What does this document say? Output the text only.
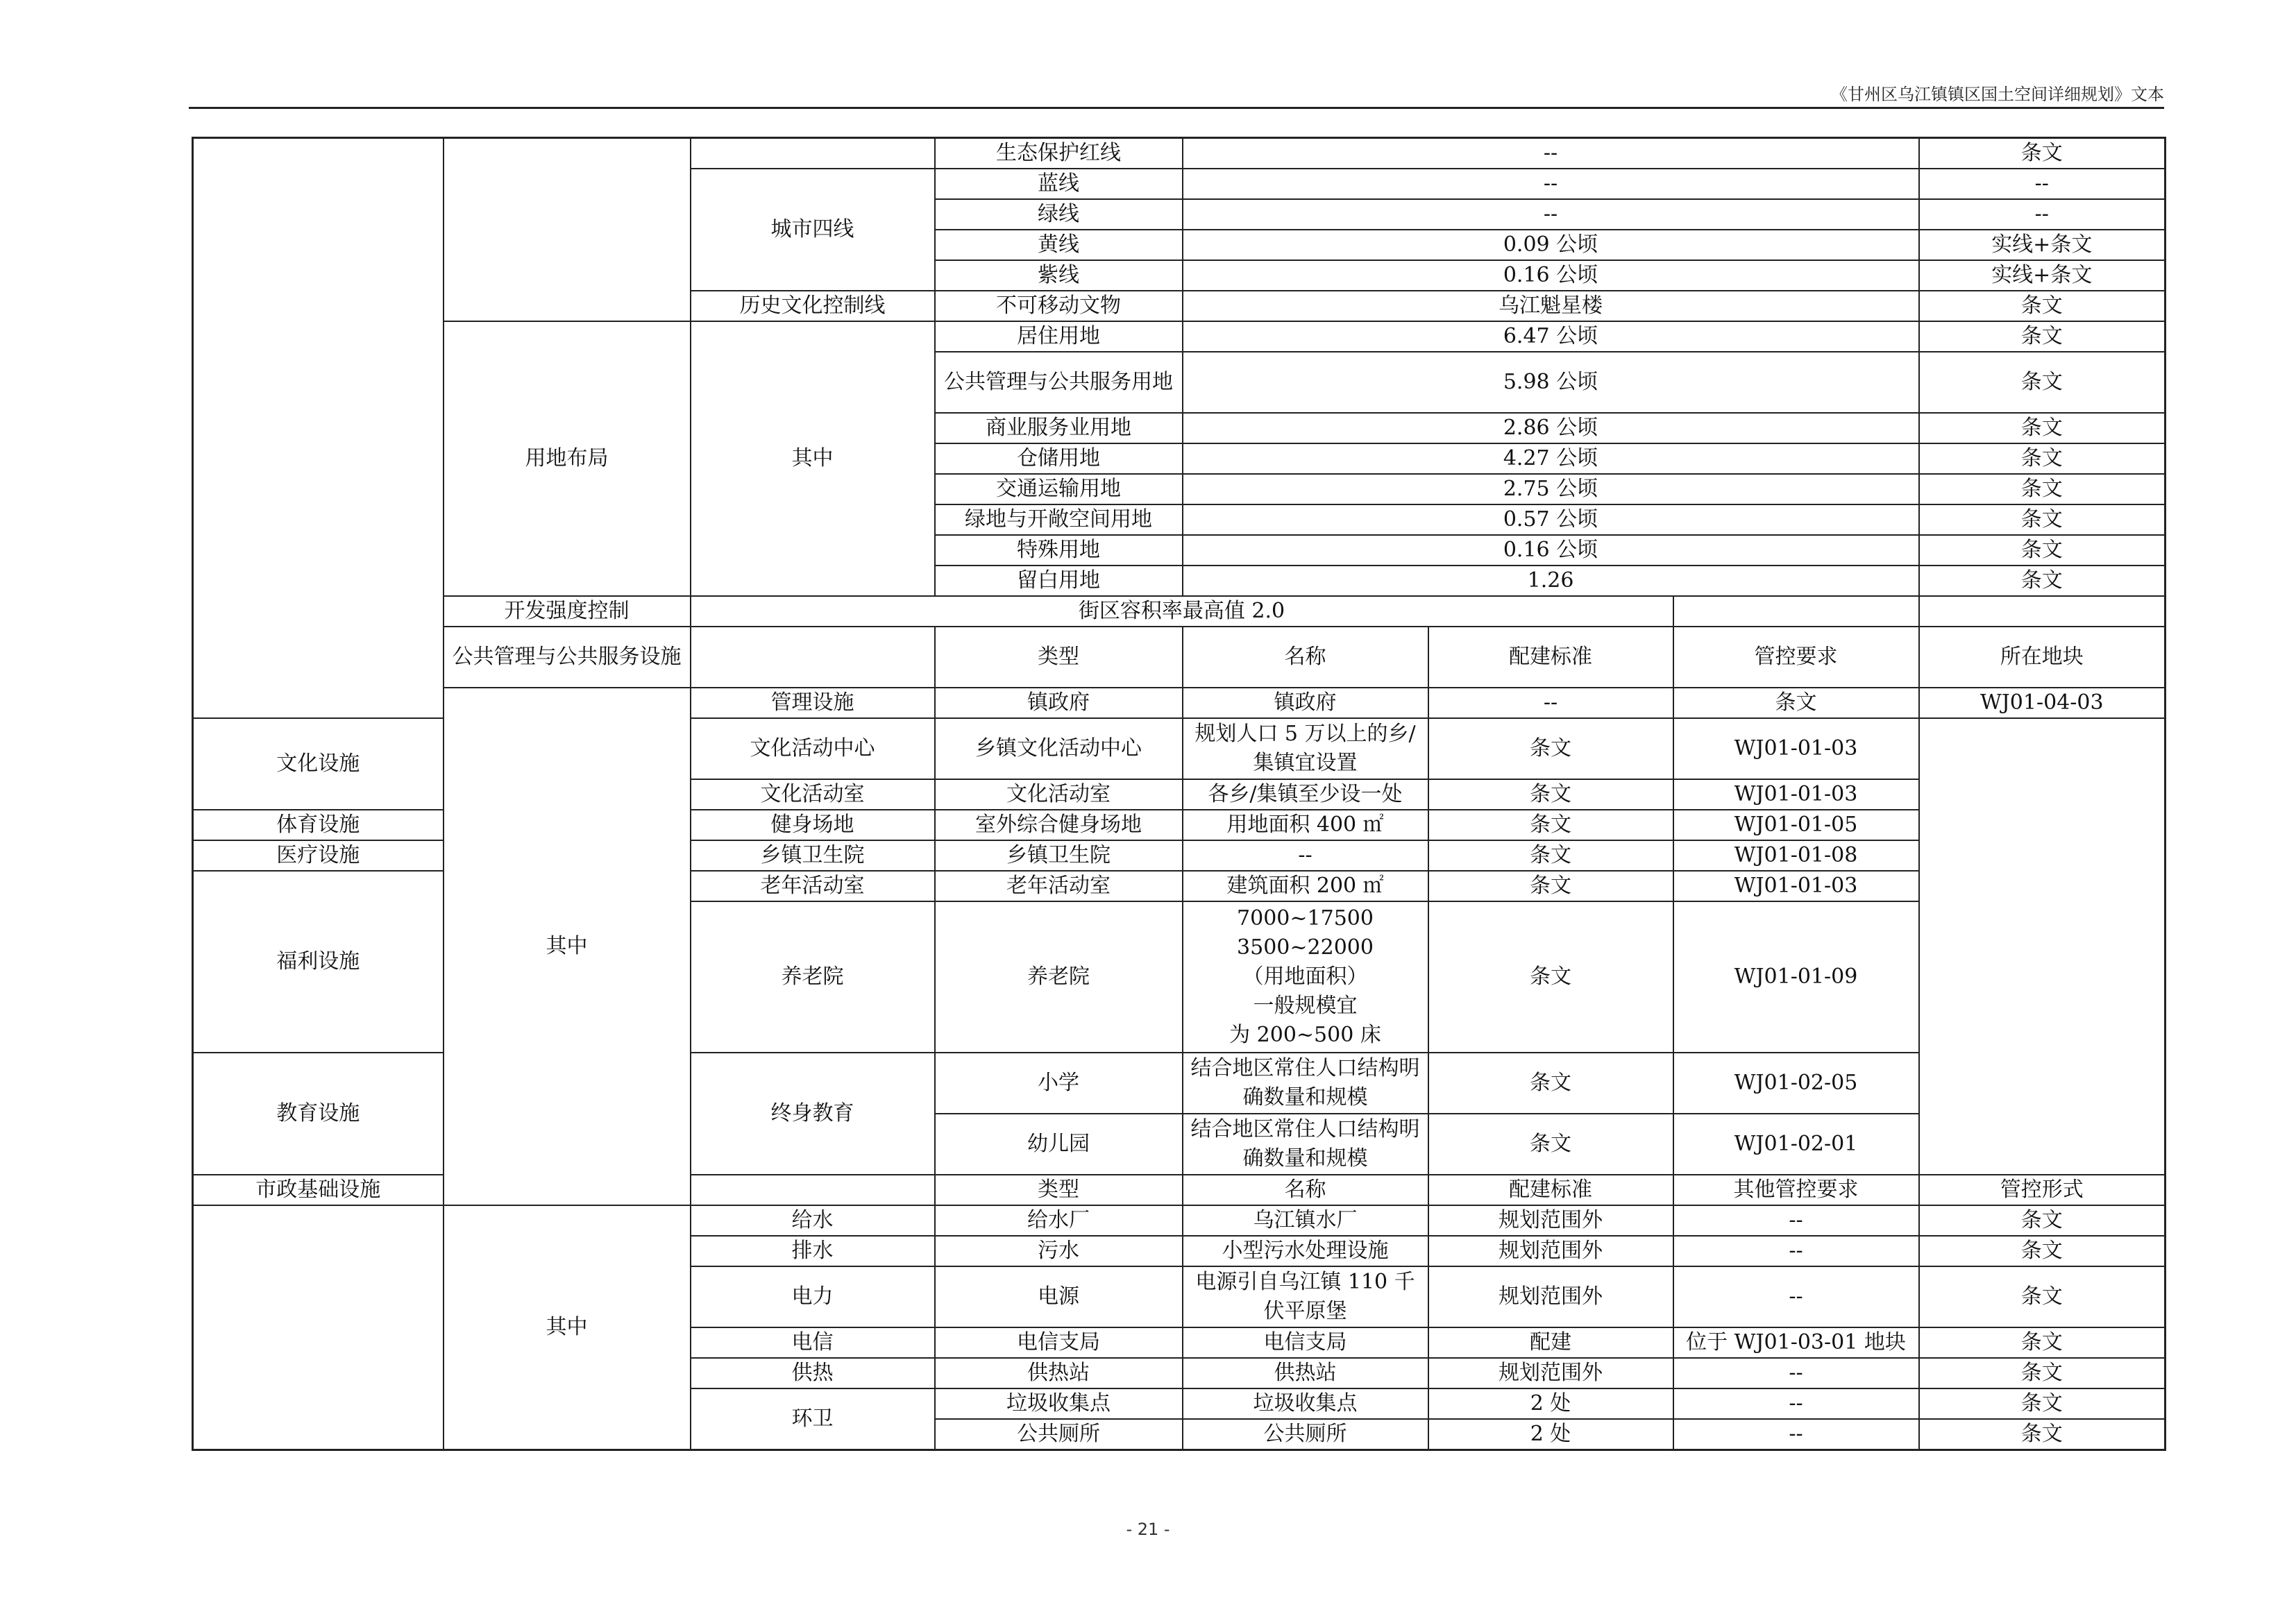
《甘州区乌江镇镇区国土空间详细规划》文本
			生态保护红线	--			条文
		城市四线	蓝线	--			--
			绿线	--			--
			黄线	0.09 公顷			实线+条文
			紫线	0.16 公顷			实线+条文
		历史文化控制线	不可移动文物	乌江魁星楼			条文
	用地布局	其中	居住用地	6.47 公顷			条文
			公共管理与公共服务用地	5.98 公顷			条文
			商业服务业用地	2.86 公顷			条文
			仓储用地	4.27 公顷			条文
			交通运输用地	2.75 公顷			条文
			绿地与开敞空间用地	0.57 公顷			条文
			特殊用地	0.16 公顷			条文
			留白用地	1.26			条文
	开发强度控制	街区容积率最高值 2.0					
	公共管理与公共服务设施		类型	名称	配建标准	管控要求	所在地块
	其中	管理设施	镇政府	镇政府	--	条文	WJ01-04-03
文化设施		文化活动中心	乡镇文化活动中心	规划人口 5 万以上的乡/集镇宜设置	条文	WJ01-01-03	
		文化活动室	文化活动室	各乡/集镇至少设一处	条文	WJ01-01-03	
体育设施		健身场地	室外综合健身场地	用地面积 400 ㎡	条文	WJ01-01-05	
医疗设施		乡镇卫生院	乡镇卫生院	--	条文	WJ01-01-08	
福利设施		老年活动室	老年活动室	建筑面积 200 ㎡	条文	WJ01-01-03	
		养老院	养老院	7000~17500
3500~22000
（用地面积）
一般规模宜
为 200~500 床	条文	WJ01-01-09	
教育设施		终身教育	小学	结合地区常住人口结构明确数量和规模	条文	WJ01-02-05	
			幼儿园	结合地区常住人口结构明确数量和规模	条文	WJ01-02-01	
市政基础设施			类型	名称	配建标准	其他管控要求	管控形式
	其中	给水	给水厂	乌江镇水厂	规划范围外	--	条文
		排水	污水	小型污水处理设施	规划范围外	--	条文
		电力	电源	电源引自乌江镇 110 千伏平原堡	规划范围外	--	条文
		电信	电信支局	电信支局	配建	位于 WJ01-03-01 地块	条文
		供热	供热站	供热站	规划范围外	--	条文
		环卫	垃圾收集点	垃圾收集点	2 处	--	条文
			公共厕所	公共厕所	2 处	--	条文
- 21 -
